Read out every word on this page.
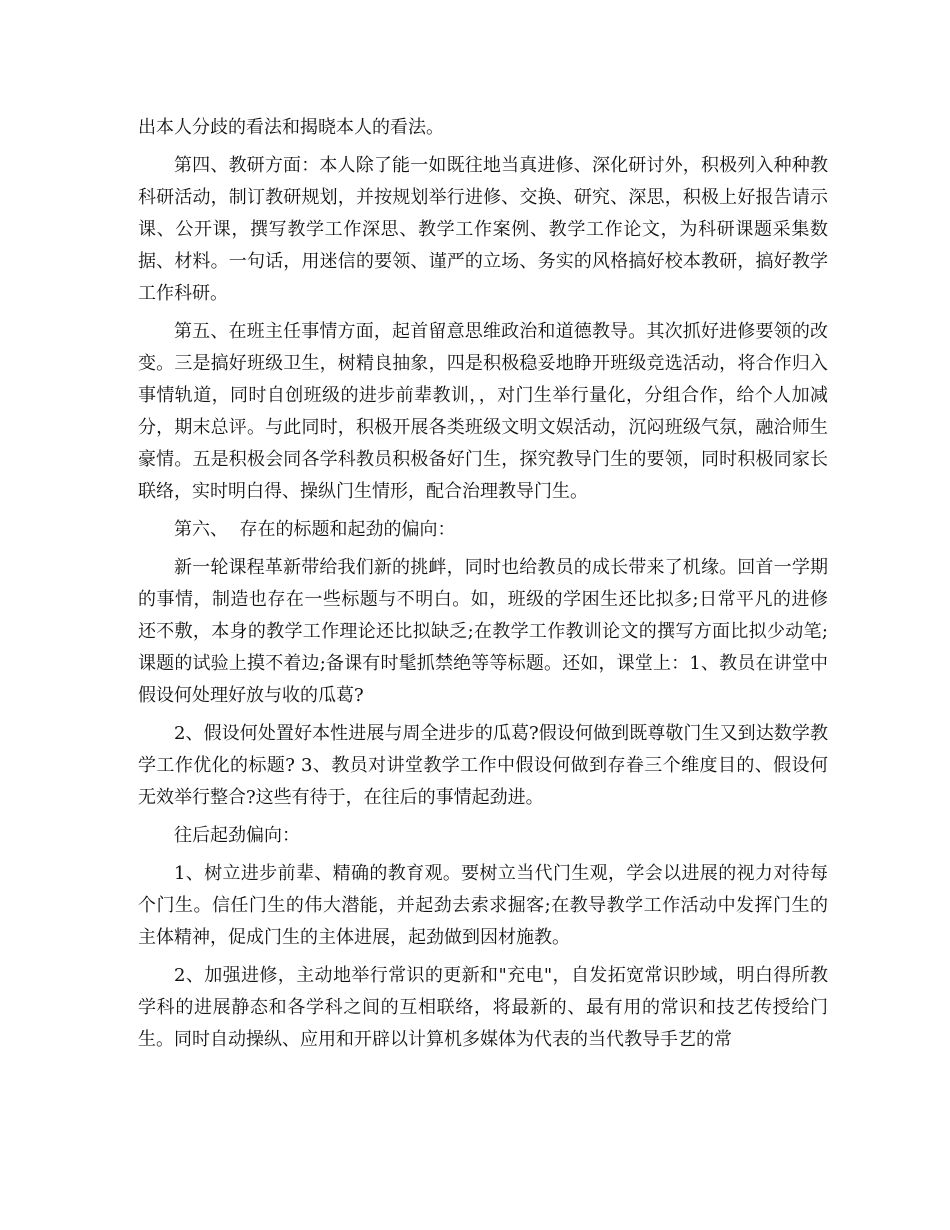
出本人分歧的看法和揭晓本人的看法。

第四、教研方面：本人除了能一如既往地当真进修、深化研讨外，积极列入种种教科研活动，制订教研规划，并按规划举行进修、交换、研究、深思，积极上好报告请示课、公开课，撰写教学工作深思、教学工作案例、教学工作论文，为科研课题采集数据、材料。一句话，用迷信的要领、谨严的立场、务实的风格搞好校本教研，搞好教学工作科研。

第五、在班主任事情方面，起首留意思维政治和道德教导。其次抓好进修要领的改变。三是搞好班级卫生，树精良抽象，四是积极稳妥地睁开班级竞选活动，将合作归入事情轨道，同时自创班级的进步前辈教训，，对门生举行量化，分组合作，给个人加减分，期末总评。与此同时，积极开展各类班级文明文娱活动，沉闷班级气氛，融洽师生豪情。五是积极会同各学科教员积极备好门生，探究教导门生的要领，同时积极同家长联络，实时明白得、操纵门生情形，配合治理教导门生。

第六、  存在的标题和起劲的偏向：

新一轮课程革新带给我们新的挑衅，同时也给教员的成长带来了机缘。回首一学期的事情，制造也存在一些标题与不明白。如，班级的学困生还比拟多;日常平凡的进修还不敷，本身的教学工作理论还比拟缺乏;在教学工作教训论文的撰写方面比拟少动笔;课题的试验上摸不着边;备课有时髦抓禁绝等等标题。还如，课堂上：1、教员在讲堂中假设何处理好放与收的瓜葛?

2、假设何处置好本性进展与周全进步的瓜葛?假设何做到既尊敬门生又到达数学教学工作优化的标题? 3、教员对讲堂教学工作中假设何做到存眷三个维度目的、假设何无效举行整合?这些有待于，在往后的事情起劲进。

往后起劲偏向：

1、树立进步前辈、精确的教育观。要树立当代门生观，学会以进展的视力对待每个门生。信任门生的伟大潜能，并起劲去索求掘客;在教导教学工作活动中发挥门生的主体精神，促成门生的主体进展，起劲做到因材施教。

2、加强进修，主动地举行常识的更新和"充电"，自发拓宽常识眇域，明白得所教学科的进展静态和各学科之间的互相联络，将最新的、最有用的常识和技艺传授给门生。同时自动操纵、应用和开辟以计算机多媒体为代表的当代教导手艺的常
